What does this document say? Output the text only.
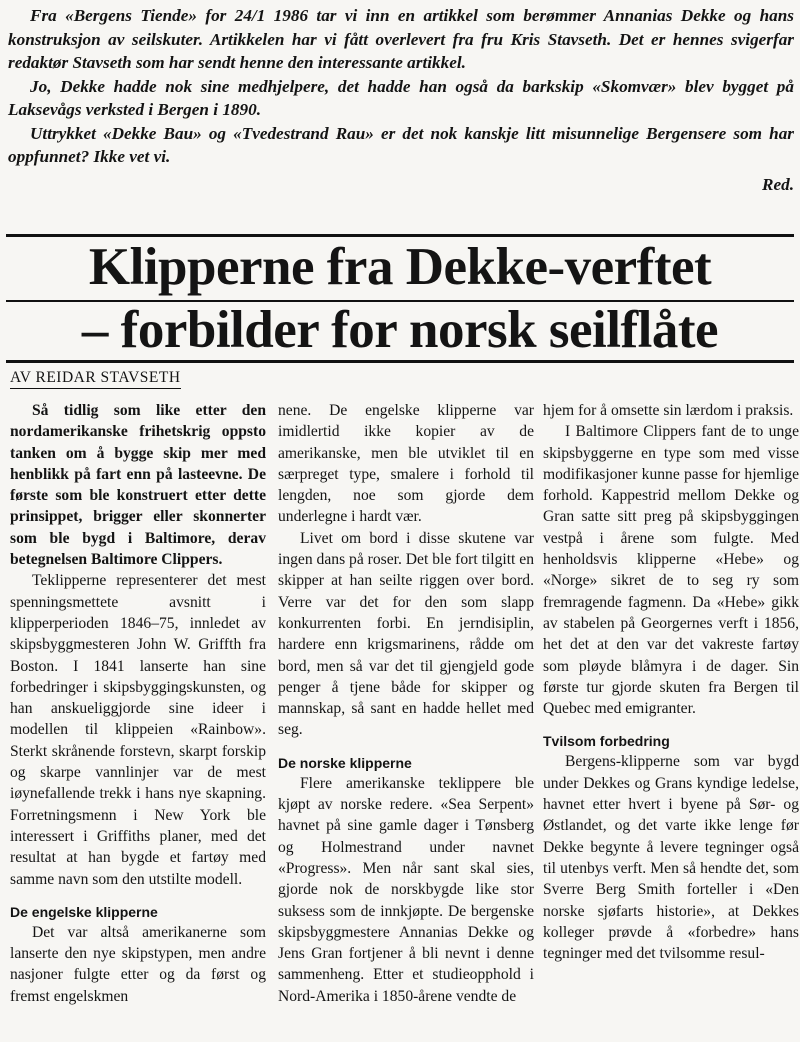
Fra «Bergens Tiende» for 24/1 1986 tar vi inn en artikkel som berømmer Annanias Dekke og hans konstruksjon av seilskuter. Artikkelen har vi fått overlevert fra fru Kris Stavseth. Det er hennes svigerfar redaktør Stavseth som har sendt henne den interessante artikkel.

Jo, Dekke hadde nok sine medhjelpere, det hadde han også da barkskip «Skomvær» blev bygget på Laksevågs verksted i Bergen i 1890.

Uttrykket «Dekke Bau» og «Tvedestrand Rau» er det nok kanskje litt misunnelige Bergensere som har oppfunnet? Ikke vet vi.

Red.

Klipperne fra Dekke-verftet
– forbilder for norsk seilflåte
AV REIDAR STAVSETH

Så tidlig som like etter den nordamerikanske frihetskrig oppsto tanken om å bygge skip mer med henblikk på fart enn på lasteevne. De første som ble konstruert etter dette prinsippet, brigger eller skonnerter som ble bygd i Baltimore, derav betegnelsen Baltimore Clippers.

Teklipperne representerer det mest spenningsmettete avsnitt i klipperperioden 1846–75, innledet av skipsbyggmesteren John W. Griffth fra Boston. I 1841 lanserte han sine forbedringer i skipsbyggingskunsten, og han anskueliggjorde sine ideer i modellen til klippeien «Rainbow». Sterkt skrånende forstevn, skarpt forskip og skarpe vannlinjer var de mest iøynefallende trekk i hans nye skapning. Forretningsmenn i New York ble interessert i Griffiths planer, med det resultat at han bygde et fartøy med samme navn som den utstilte modell.

De engelske klipperne

Det var altså amerikanerne som lanserte den nye skipstypen, men andre nasjoner fulgte etter og da først og fremst engelskmen

nene. De engelske klipperne var imidlertid ikke kopier av de amerikanske, men ble utviklet til en særpreget type, smalere i forhold til lengden, noe som gjorde dem underlegne i hardt vær.

Livet om bord i disse skutene var ingen dans på roser. Det ble fort tilgitt en skipper at han seilte riggen over bord. Verre var det for den som slapp konkurrenten forbi. En jerndisiplin, hardere enn krigsmarinens, rådde om bord, men så var det til gjengjeld gode penger å tjene både for skipper og mannskap, så sant en hadde hellet med seg.

De norske klipperne

Flere amerikanske teklippere ble kjøpt av norske redere. «Sea Serpent» havnet på sine gamle dager i Tønsberg og Holmestrand under navnet «Progress». Men når sant skal sies, gjorde nok de norskbygde like stor suksess som de innkjøpte. De bergenske skipsbyggmestere Annanias Dekke og Jens Gran fortjener å bli nevnt i denne sammenheng. Etter et studieopphold i Nord-Amerika i 1850-årene vendte de

hjem for å omsette sin lærdom i praksis.

I Baltimore Clippers fant de to unge skipsbyggerne en type som med visse modifikasjoner kunne passe for hjemlige forhold. Kappestrid mellom Dekke og Gran satte sitt preg på skipsbyggingen vestpå i årene som fulgte. Med henholdsvis klipperne «Hebe» og «Norge» sikret de to seg ry som fremragende fagmenn. Da «Hebe» gikk av stabelen på Georgernes verft i 1856, het det at den var det vakreste fartøy som pløyde blåmyra i de dager. Sin første tur gjorde skuten fra Bergen til Quebec med emigranter.

Tvilsom forbedring

Bergens-klipperne som var bygd under Dekkes og Grans kyndige ledelse, havnet etter hvert i byene på Sør- og Østlandet, og det varte ikke lenge før Dekke begynte å levere tegninger også til utenbys verft. Men så hendte det, som Sverre Berg Smith forteller i «Den norske sjøfarts historie», at Dekkes kolleger prøvde å «forbedre» hans tegninger med det tvilsomme resul-
